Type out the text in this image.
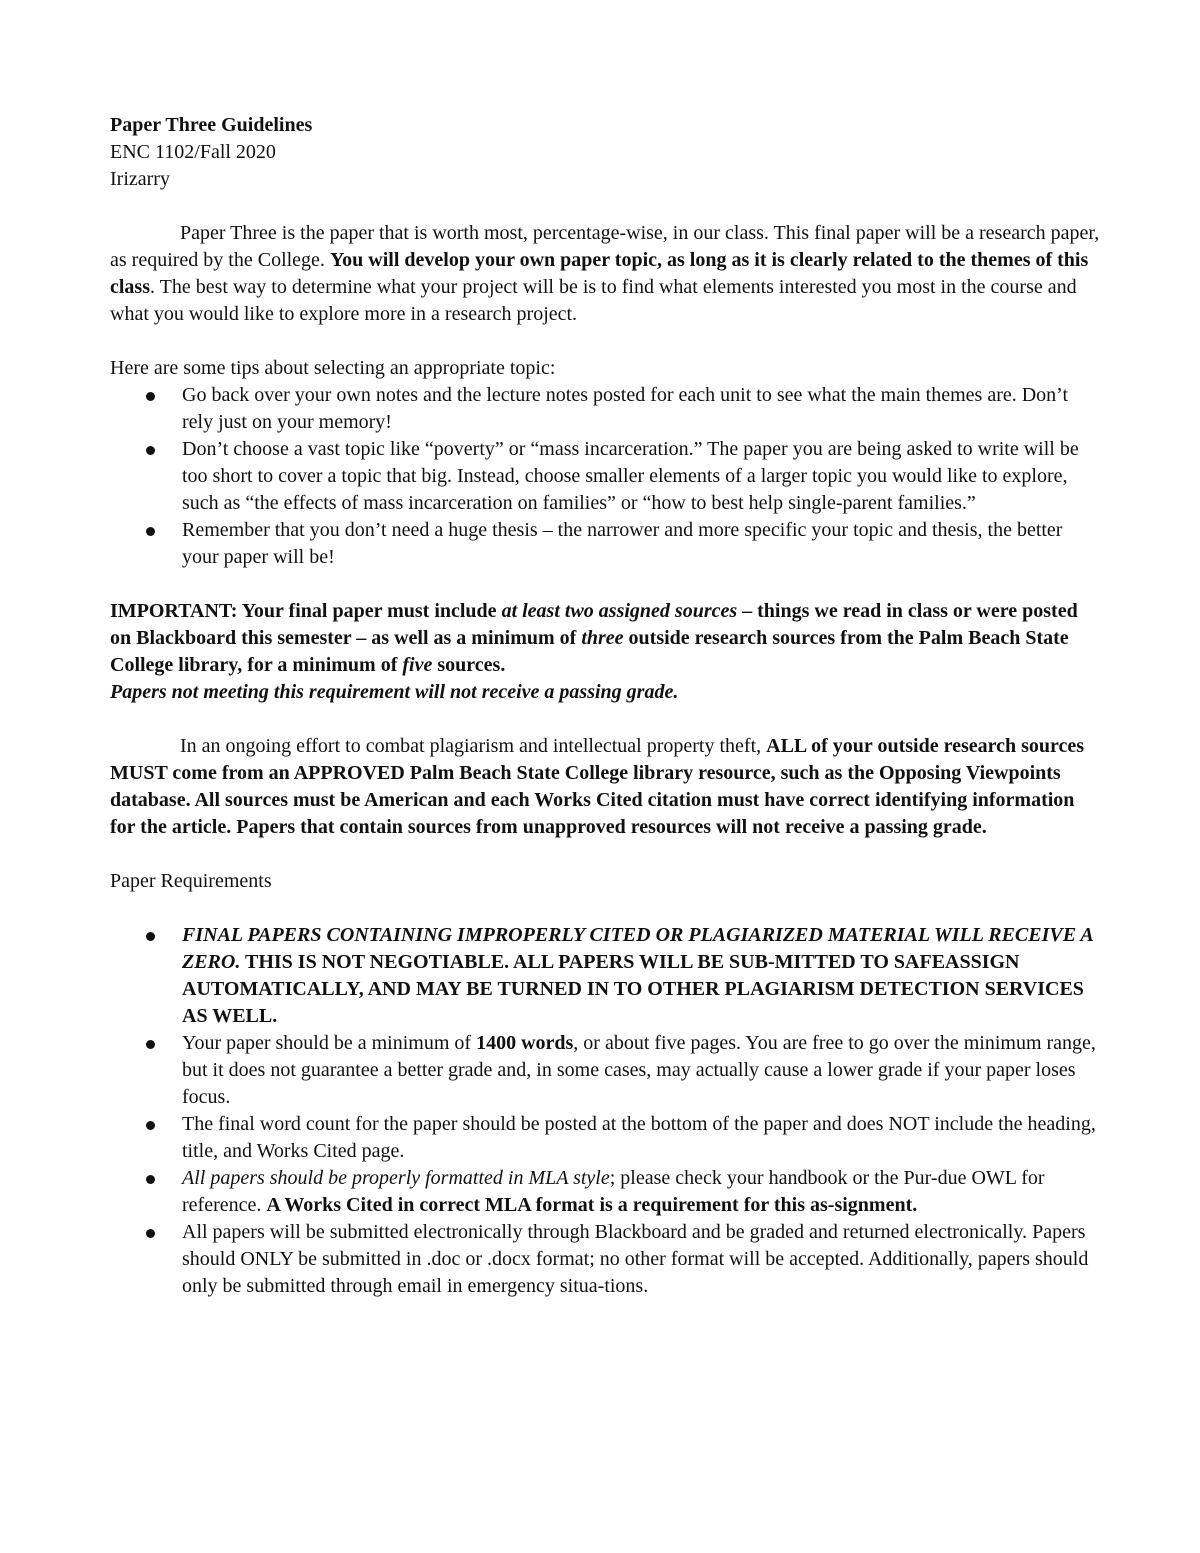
Paper Three Guidelines

ENC 1102/Fall 2020

Irizarry

Paper Three is the paper that is worth most, percentage-wise, in our class. This final paper will be a research paper, as required by the College. You will develop your own paper topic, as long as it is clearly related to the themes of this class. The best way to determine what your project will be is to find what elements interested you most in the course and what you would like to explore more in a research project.

Here are some tips about selecting an appropriate topic:

Go back over your own notes and the lecture notes posted for each unit to see what the main themes are. Don’t rely just on your memory!
Don’t choose a vast topic like “poverty” or “mass incarceration.” The paper you are being asked to write will be too short to cover a topic that big. Instead, choose smaller elements of a larger topic you would like to explore, such as “the effects of mass incarceration on families” or “how to best help single-parent families.”
Remember that you don’t need a huge thesis – the narrower and more specific your topic and thesis, the better your paper will be!

IMPORTANT: Your final paper must include at least two assigned sources – things we read in class or were posted on Blackboard this semester – as well as a minimum of three outside research sources from the Palm Beach State College library, for a minimum of five sources.

Papers not meeting this requirement will not receive a passing grade.

In an ongoing effort to combat plagiarism and intellectual property theft, ALL of your outside research sources MUST come from an APPROVED Palm Beach State College library resource, such as the Opposing Viewpoints database. All sources must be American and each Works Cited citation must have correct identifying information for the article. Papers that contain sources from unapproved resources will not receive a passing grade.

Paper Requirements

FINAL PAPERS CONTAINING IMPROPERLY CITED OR PLAGIARIZED MATERIAL WILL RECEIVE A ZERO. THIS IS NOT NEGOTIABLE. ALL PAPERS WILL BE SUB-MITTED TO SAFEASSIGN AUTOMATICALLY, AND MAY BE TURNED IN TO OTHER PLAGIARISM DETECTION SERVICES AS WELL.
Your paper should be a minimum of 1400 words, or about five pages. You are free to go over the minimum range, but it does not guarantee a better grade and, in some cases, may actually cause a lower grade if your paper loses focus.
The final word count for the paper should be posted at the bottom of the paper and does NOT include the heading, title, and Works Cited page.
All papers should be properly formatted in MLA style; please check your handbook or the Pur-due OWL for reference. A Works Cited in correct MLA format is a requirement for this as-signment.
All papers will be submitted electronically through Blackboard and be graded and returned electronically. Papers should ONLY be submitted in .doc or .docx format; no other format will be accepted. Additionally, papers should only be submitted through email in emergency situa-tions.
